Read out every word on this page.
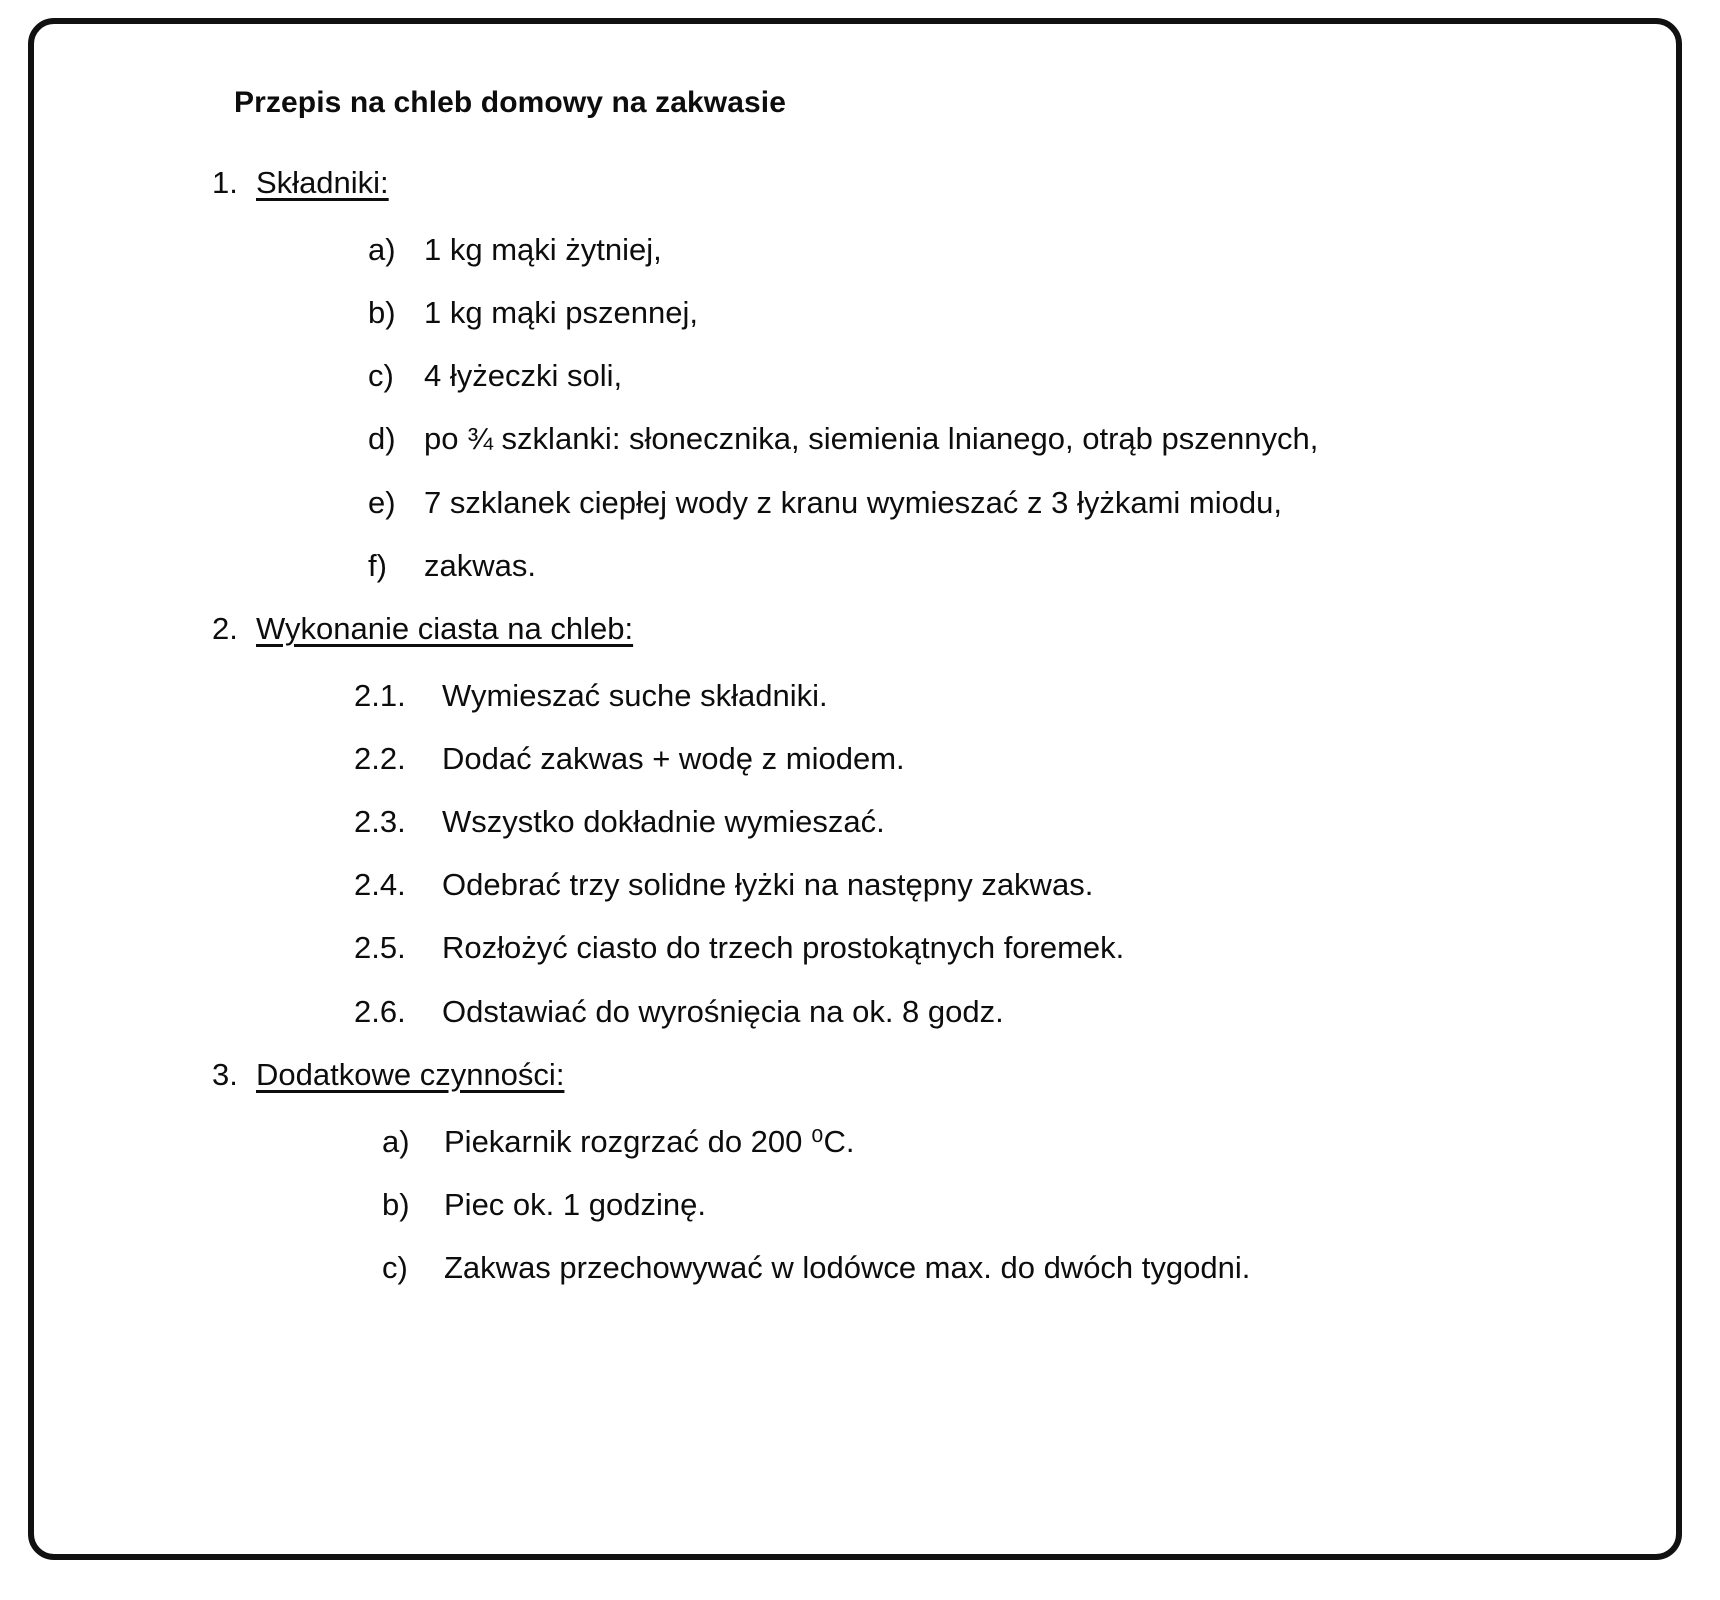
Przepis na chleb domowy na zakwasie
1. Składniki:
a) 1 kg mąki żytniej,
b) 1 kg mąki pszennej,
c) 4 łyżeczki soli,
d) po ¾ szklanki: słonecznika, siemienia lnianego, otrąb pszennych,
e) 7 szklanek ciepłej wody z kranu wymieszać z 3 łyżkami miodu,
f)	zakwas.
2. Wykonanie ciasta na chleb:
2.1.	Wymieszać suche składniki.
2.2.	Dodać zakwas + wodę z miodem.
2.3.	Wszystko dokładnie wymieszać.
2.4.	Odebrać trzy solidne łyżki na następny zakwas.
2.5.	Rozłożyć ciasto do trzech prostokątnych foremek.
2.6.	Odstawiać do wyrośnięcia na ok. 8 godz.
3. Dodatkowe czynności:
a)	Piekarnik rozgrzać do 200 ⁰C.
b)	Piec ok. 1 godzinę.
c)	Zakwas przechowywać w lodówce max. do dwóch tygodni.
